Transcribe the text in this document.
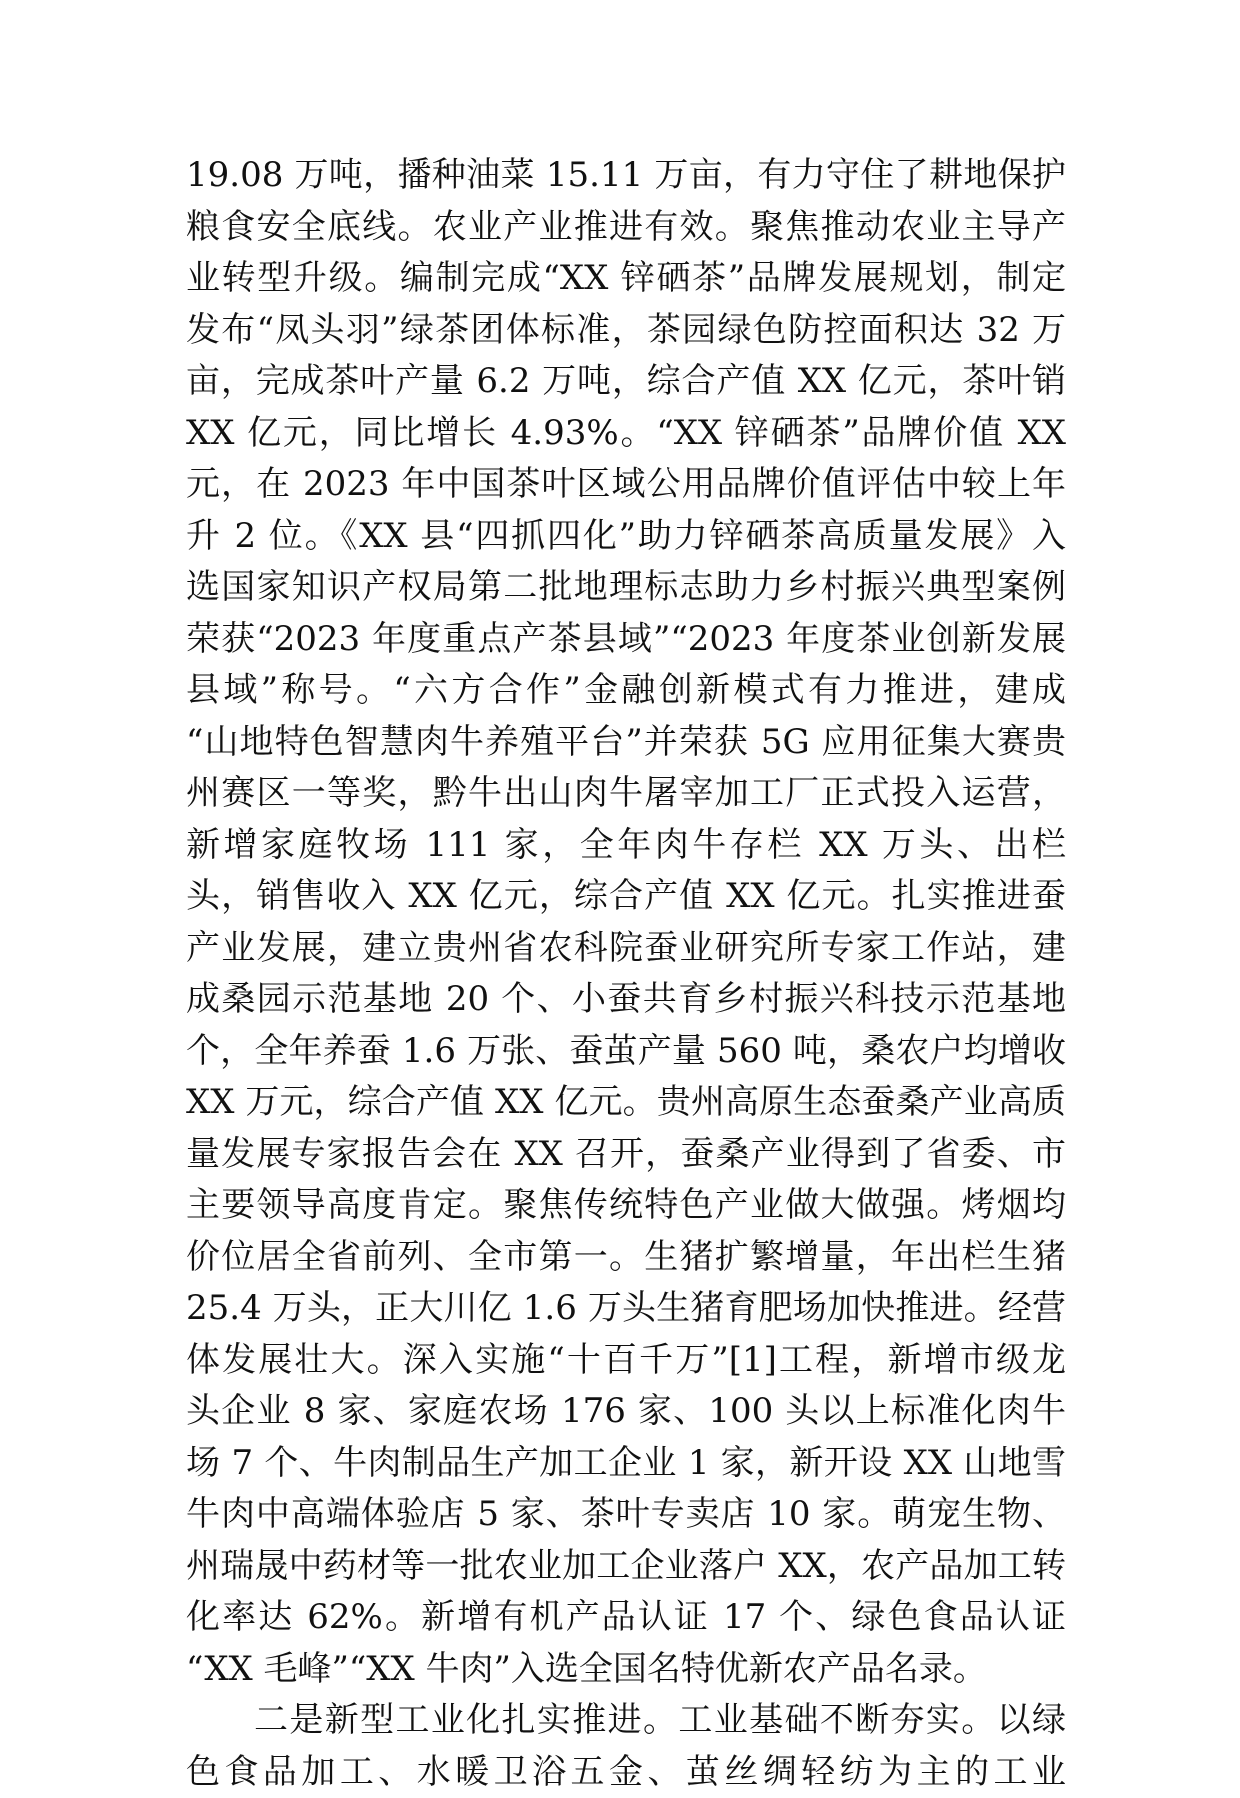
19.08 万吨，播种油菜 15.11 万亩，有力守住了耕地保护
粮食安全底线。农业产业推进有效。聚焦推动农业主导产
业转型升级。编制完成“XX 锌硒茶”品牌发展规划，制定
发布“凤头羽”绿茶团体标准，茶园绿色防控面积达 32 万
亩，完成茶叶产量 6.2 万吨，综合产值 XX 亿元，茶叶销
XX 亿元，同比增长 4.93%。“XX 锌硒茶”品牌价值 XX
元，在 2023 年中国茶叶区域公用品牌价值评估中较上年
升 2 位。《XX 县“四抓四化”助力锌硒茶高质量发展》入
选国家知识产权局第二批地理标志助力乡村振兴典型案例
荣获“2023 年度重点产茶县域”“2023 年度茶业创新发展
县域”称号。“六方合作”金融创新模式有力推进，建成
“山地特色智慧肉牛养殖平台”并荣获 5G 应用征集大赛贵
州赛区一等奖，黔牛出山肉牛屠宰加工厂正式投入运营，
新增家庭牧场 111 家，全年肉牛存栏 XX 万头、出栏
头，销售收入 XX 亿元，综合产值 XX 亿元。扎实推进蚕
产业发展，建立贵州省农科院蚕业研究所专家工作站，建
成桑园示范基地 20 个、小蚕共育乡村振兴科技示范基地
个，全年养蚕 1.6 万张、蚕茧产量 560 吨，桑农户均增收
XX 万元，综合产值 XX 亿元。贵州高原生态蚕桑产业高质
量发展专家报告会在 XX 召开，蚕桑产业得到了省委、市
主要领导高度肯定。聚焦传统特色产业做大做强。烤烟均
价位居全省前列、全市第一。生猪扩繁增量，年出栏生猪
25.4 万头，正大川亿 1.6 万头生猪育肥场加快推进。经营
体发展壮大。深入实施“十百千万”[1]工程，新增市级龙
头企业 8 家、家庭农场 176 家、100 头以上标准化肉牛
场 7 个、牛肉制品生产加工企业 1 家，新开设 XX 山地雪
牛肉中高端体验店 5 家、茶叶专卖店 10 家。萌宠生物、
州瑞晟中药材等一批农业加工企业落户 XX，农产品加工转
化率达 62%。新增有机产品认证 17 个、绿色食品认证
“XX 毛峰”“XX 牛肉”入选全国名特优新农产品名录。
二是新型工业化扎实推进。工业基础不断夯实。以绿
色食品加工、水暖卫浴五金、茧丝绸轻纺为主的工业
